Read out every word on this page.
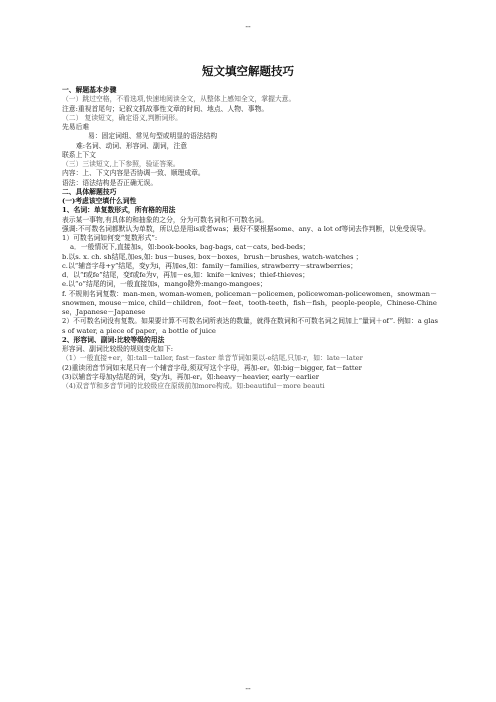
--
短文填空解题技巧

一、解题基本步骤

（一）跳过空格，不看选项,快速地阅读全文，从整体上感知全文，掌握大意。

注意:重视首尾句；记叙文抓故事性文章的时间、地点、人物、事物。

（二） 复读短文，确定语义,判断词形。

先易后难

易：固定词组、常见句型或明显的语法结构

难:名词、动词、形容词、副词，注意

联系上下文

（三）三读短文,上下参照，验证答案。

内容：上、下文内容是否协调一致、顺理成章。

语法：语法结构是否正确无误。

二、具体解题技巧

(一)考虑该空填什么词性

1、名词：单复数形式，所有格的用法

表示某一事物,有具体的和抽象的之分，分为可数名词和不可数名词。

强调:不可数名词都默认为单数，所以总是用is或者was；最好不要根据some、any、a lot of等词去作判断，以免受误导。

1）可数名词如何变“复数形式”:

a．一般情况下,直接加s，如:book-books, bag-bags, cat－cats, bed-beds；

b.以s. x. ch. sh结尾,加es,如: bus－buses, box－boxes，brush－brushes, watch-watches ；

c.以“辅音字母+y”结尾，变y为i，再加es,如：family－families, strawberry－strawberries；

d．以“f或fe”结尾，变f或fe为v，再加－es,如：knife－knives；thief-thieves；

e.以“o”结尾的词，一般直接加s，mango除外:mango-mangoes；

f. 不规则名词复数：man-men, woman-women, policeman－policemen, policewoman-policewomen，snowman－snowmen, mouse－mice, child－children，foot－feet，tooth-teeth，fish－fish，people-people，Chinese-Chinese，Japanese－Japanese

2）不可数名词没有复数。如果要计算不可数名词所表达的数量，就得在数词和不可数名词之间加上“量词＋of”. 例如：a glass of water, a piece of paper，a bottle of juice

2、形容词、副词:比较等级的用法

形容词、副词比较级的规则变化如下:

（1）一般直接+er，如:tall－taller, fast－faster 单音节词如果以-e结尾,只加-r，如：late－later

(2)重读闭音节词如末尾只有一个辅音字母,须双写这个字母，再加-er。如:big－bigger, fat－fatter

(3)以辅音字母加y结尾的词，变y为i，再加-er。如:heavy－heavier, early－earlier

（4)双音节和多音节词的比较级应在原级前加more构成。如:beautiful－more beauti

--
